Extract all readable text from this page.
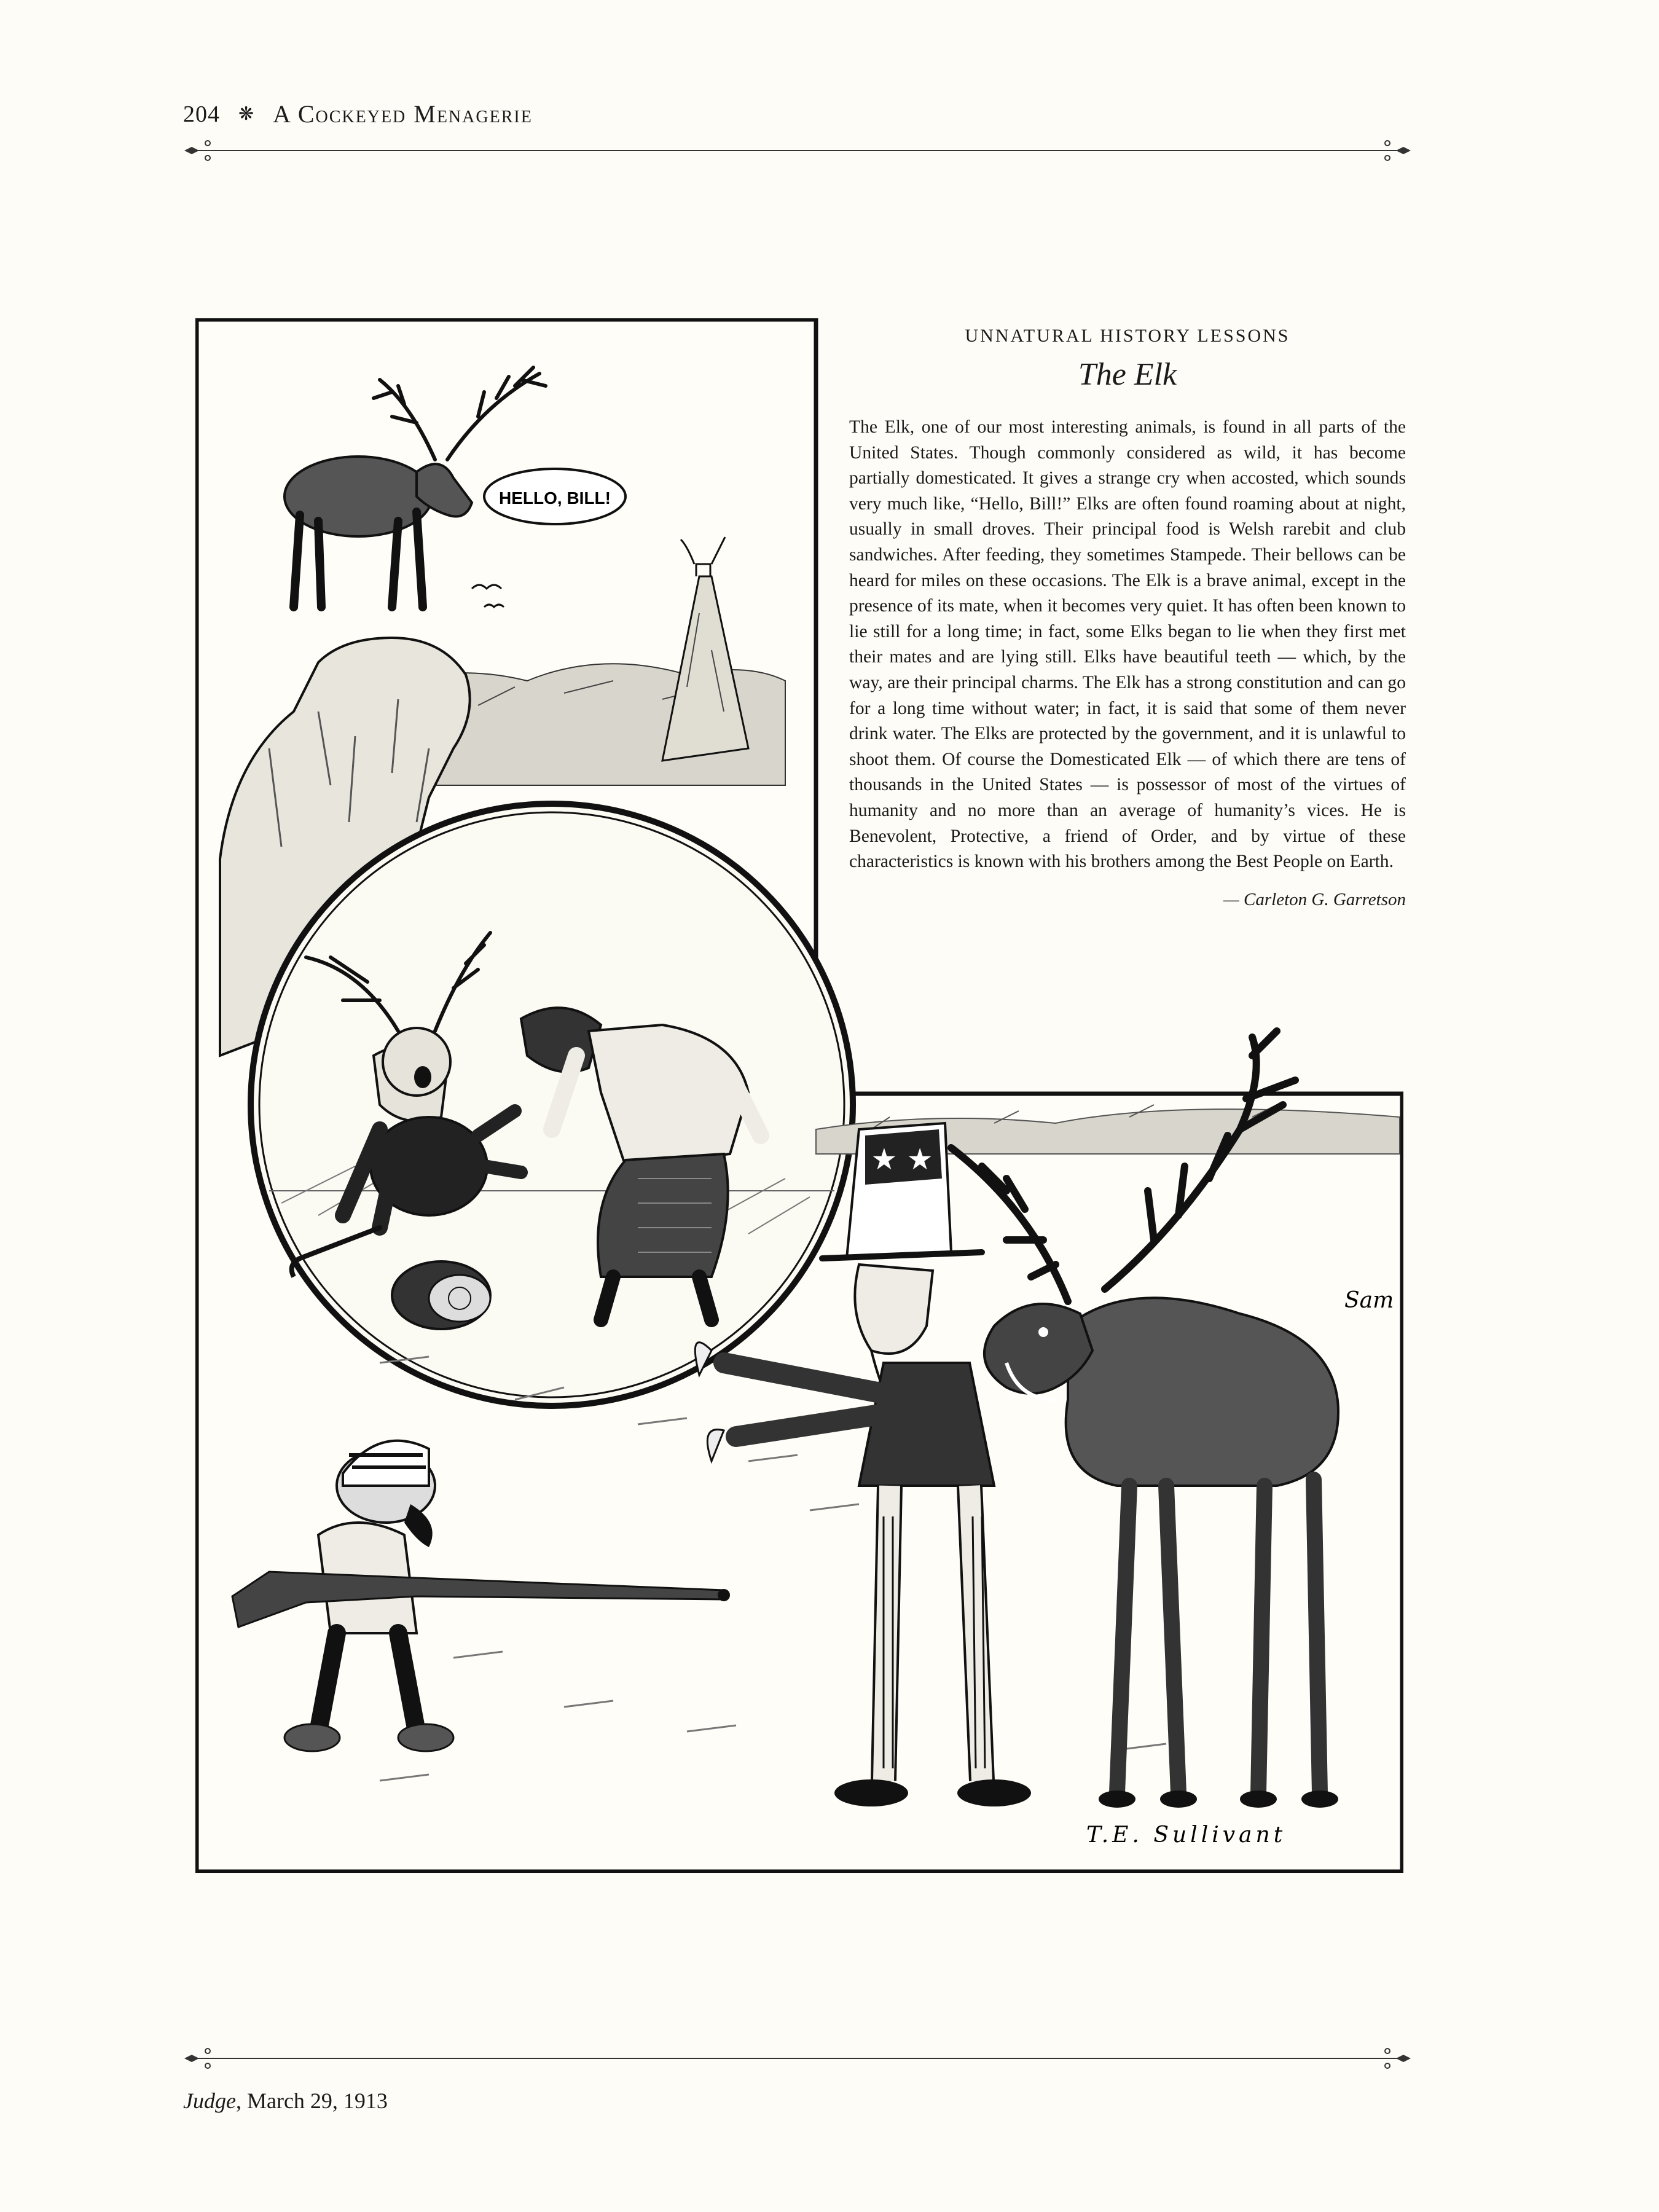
204 ❋ A Cockeyed Menagerie
HELLO, BILL!
★ ★
Sam
T.E. Sullivant
UNNATURAL HISTORY LESSONS
The Elk

The Elk, one of our most interesting animals, is found in all parts of the United States. Though commonly considered as wild, it has become partially domesticated. It gives a strange cry when accosted, which sounds very much like, “Hello, Bill!” Elks are often found roaming about at night, usually in small droves. Their principal food is Welsh rarebit and club sandwiches. After feeding, they sometimes Stampede. Their bellows can be heard for miles on these occasions. The Elk is a brave animal, except in the presence of its mate, when it becomes very quiet. It has often been known to lie still for a long time; in fact, some Elks began to lie when they first met their mates and are lying still. Elks have beautiful teeth — which, by the way, are their principal charms. The Elk has a strong constitution and can go for a long time without water; in fact, it is said that some of them never drink water. The Elks are protected by the government, and it is unlawful to shoot them. Of course the Domesticated Elk — of which there are tens of thousands in the United States — is possessor of most of the virtues of humanity and no more than an average of humanity’s vices. He is Benevolent, Protective, a friend of Order, and by virtue of these characteristics is known with his brothers among the Best People on Earth.

— Carleton G. Garretson
Judge, March 29, 1913
